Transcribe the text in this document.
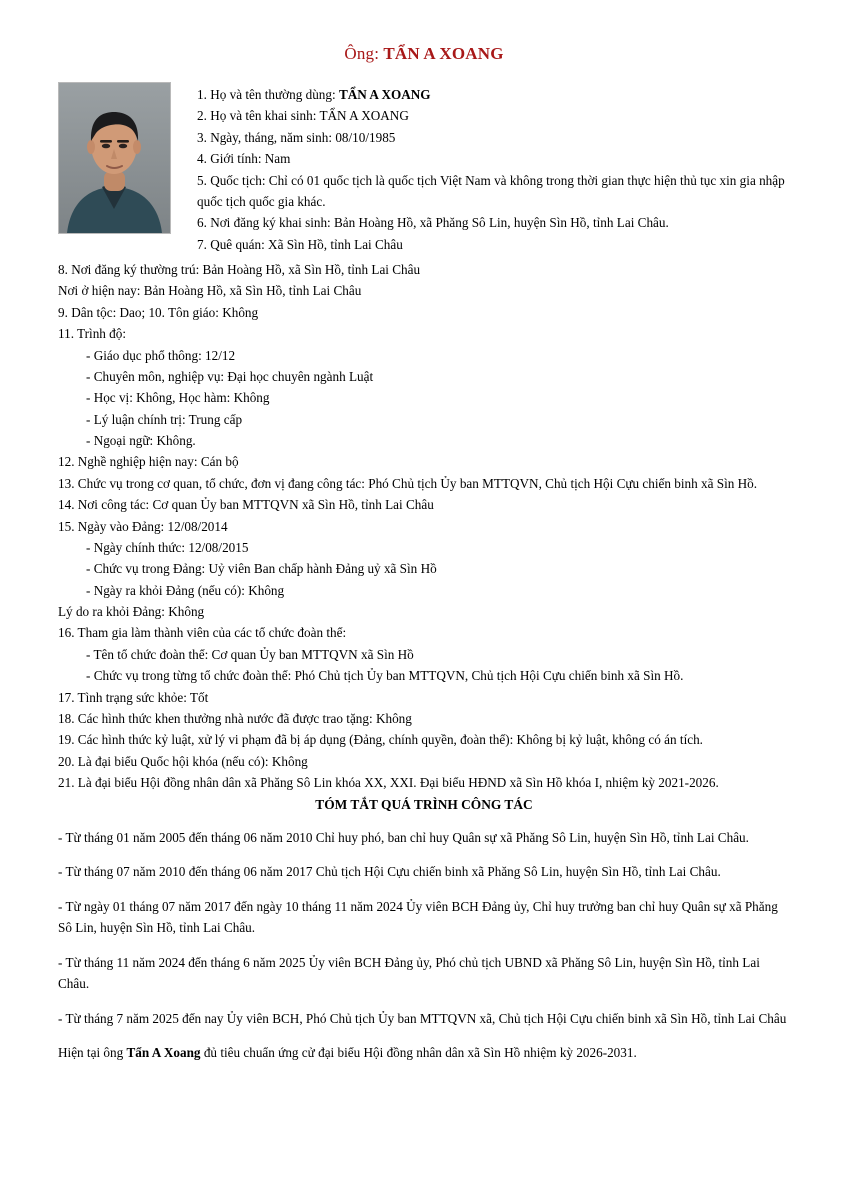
Ông: TẨN A XOANG

1. Họ và tên thường dùng: TẨN A XOANG

2. Họ và tên khai sinh: TẨN A XOANG

3. Ngày, tháng, năm sinh: 08/10/1985

4. Giới tính: Nam

5. Quốc tịch: Chỉ có 01 quốc tịch là quốc tịch Việt Nam và không trong thời gian thực hiện thủ tục xin gia nhập quốc tịch quốc gia khác.

6. Nơi đăng ký khai sinh: Bản Hoàng Hồ, xã Phăng Sô Lin, huyện Sìn Hồ, tỉnh Lai Châu.

7. Quê quán: Xã Sìn Hồ, tỉnh Lai Châu

8. Nơi đăng ký thường trú: Bản Hoàng Hồ, xã Sìn Hồ, tỉnh Lai Châu

Nơi ở hiện nay: Bản Hoàng Hồ, xã Sìn Hồ, tỉnh Lai Châu

9. Dân tộc: Dao; 10. Tôn giáo: Không

11. Trình độ:

- Giáo dục phổ thông: 12/12

- Chuyên môn, nghiệp vụ: Đại học chuyên ngành Luật

- Học vị: Không, Học hàm: Không

- Lý luận chính trị: Trung cấp

- Ngoại ngữ: Không.

12. Nghề nghiệp hiện nay: Cán bộ

13. Chức vụ trong cơ quan, tổ chức, đơn vị đang công tác: Phó Chủ tịch Ủy ban MTTQVN, Chủ tịch Hội Cựu chiến binh xã Sìn Hồ.

14. Nơi công tác: Cơ quan Ủy ban MTTQVN xã Sìn Hồ, tỉnh Lai Châu

15. Ngày vào Đảng: 12/08/2014

- Ngày chính thức: 12/08/2015

- Chức vụ trong Đảng: Uỷ viên Ban chấp hành Đảng uỷ xã Sìn Hồ

- Ngày ra khỏi Đảng (nếu có): Không

Lý do ra khỏi Đảng: Không

16. Tham gia làm thành viên của các tổ chức đoàn thể:

- Tên tổ chức đoàn thể: Cơ quan Ủy ban MTTQVN xã Sìn Hồ

- Chức vụ trong từng tổ chức đoàn thể: Phó Chủ tịch Ủy ban MTTQVN, Chủ tịch Hội Cựu chiến binh xã Sìn Hồ.

17. Tình trạng sức khỏe: Tốt

18. Các hình thức khen thưởng nhà nước đã được trao tặng: Không

19. Các hình thức kỷ luật, xử lý vi phạm đã bị áp dụng (Đảng, chính quyền, đoàn thể): Không bị kỷ luật, không có án tích.

20. Là đại biểu Quốc hội khóa (nếu có): Không

21. Là đại biểu Hội đồng nhân dân xã Phăng Sô Lin khóa XX, XXI. Đại biểu HĐND xã Sìn Hồ khóa I, nhiệm kỳ 2021-2026.

TÓM TẮT QUÁ TRÌNH CÔNG TÁC

- Từ tháng 01 năm 2005 đến tháng 06 năm 2010 Chỉ huy phó, ban chỉ huy Quân sự xã Phăng Sô Lin, huyện Sìn Hồ, tỉnh Lai Châu.

- Từ tháng 07 năm 2010 đến tháng 06 năm 2017 Chủ tịch Hội Cựu chiến binh xã Phăng Sô Lin, huyện Sìn Hồ, tỉnh Lai Châu.

- Từ ngày 01 tháng 07 năm 2017 đến ngày 10 tháng 11 năm 2024 Ủy viên BCH Đảng ủy, Chỉ huy trưởng ban chỉ huy Quân sự xã Phăng Sô Lin, huyện Sìn Hồ, tỉnh Lai Châu.

- Từ tháng 11 năm 2024 đến tháng 6 năm 2025 Ủy viên BCH Đảng ủy, Phó chủ tịch UBND xã Phăng Sô Lin, huyện Sìn Hồ, tỉnh Lai Châu.

- Từ tháng 7 năm 2025 đến nay Ủy viên BCH, Phó Chủ tịch Ủy ban MTTQVN xã, Chủ tịch Hội Cựu chiến binh xã Sìn Hồ, tỉnh Lai Châu

Hiện tại ông Tẩn A Xoang đủ tiêu chuẩn ứng cử đại biểu Hội đồng nhân dân xã Sìn Hồ nhiệm kỳ 2026-2031.
